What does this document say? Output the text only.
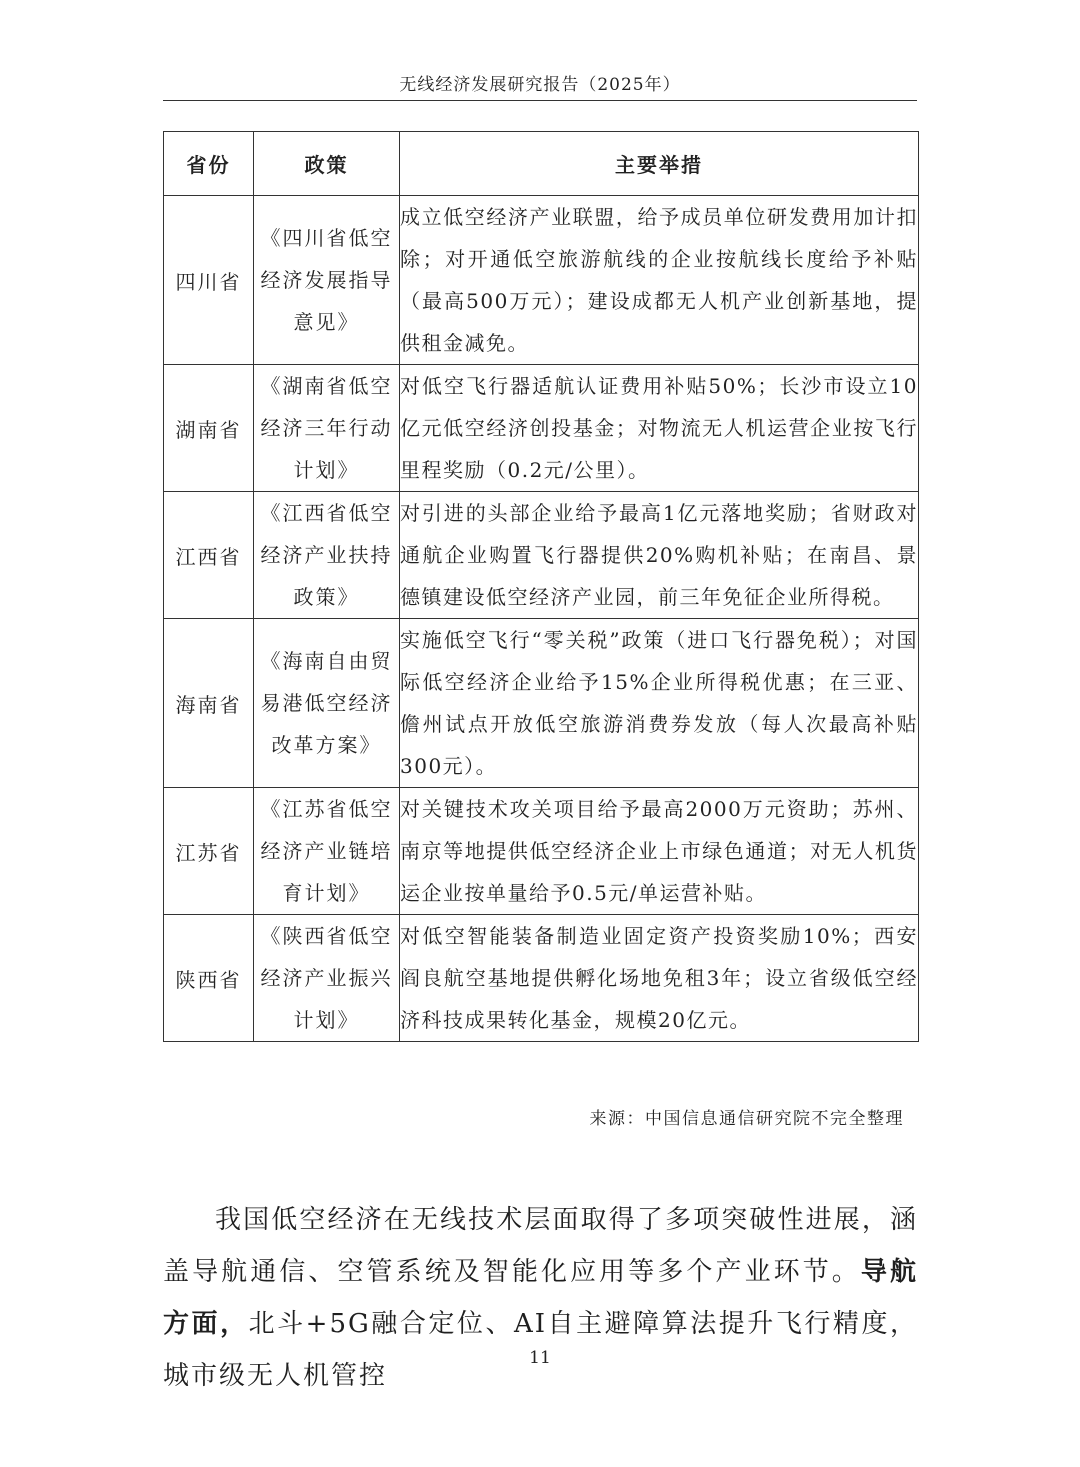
无线经济发展研究报告（2025年）
省份	政策	主要举措
四川省	《四川省低空经济发展指导意见》	成立低空经济产业联盟，给予成员单位研发费用加计扣除；对开通低空旅游航线的企业按航线长度给予补贴（最高500万元）；建设成都无人机产业创新基地，提供租金减免。
湖南省	《湖南省低空经济三年行动计划》	对低空飞行器适航认证费用补贴50%；长沙市设立10亿元低空经济创投基金；对物流无人机运营企业按飞行里程奖励（0.2元/公里）。
江西省	《江西省低空经济产业扶持政策》	对引进的头部企业给予最高1亿元落地奖励；省财政对通航企业购置飞行器提供20%购机补贴；在南昌、景德镇建设低空经济产业园，前三年免征企业所得税。
海南省	《海南自由贸易港低空经济改革方案》	实施低空飞行“零关税”政策（进口飞行器免税）；对国际低空经济企业给予15%企业所得税优惠；在三亚、儋州试点开放低空旅游消费券发放（每人次最高补贴300元）。
江苏省	《江苏省低空经济产业链培育计划》	对关键技术攻关项目给予最高2000万元资助；苏州、南京等地提供低空经济企业上市绿色通道；对无人机货运企业按单量给予0.5元/单运营补贴。
陕西省	《陕西省低空经济产业振兴计划》	对低空智能装备制造业固定资产投资奖励10%；西安阎良航空基地提供孵化场地免租3年；设立省级低空经济科技成果转化基金，规模20亿元。
来源：中国信息通信研究院不完全整理

我国低空经济在无线技术层面取得了多项突破性进展，涵盖导航通信、空管系统及智能化应用等多个产业环节。导航方面，北斗+5G融合定位、AI自主避障算法提升飞行精度，城市级无人机管控

11
